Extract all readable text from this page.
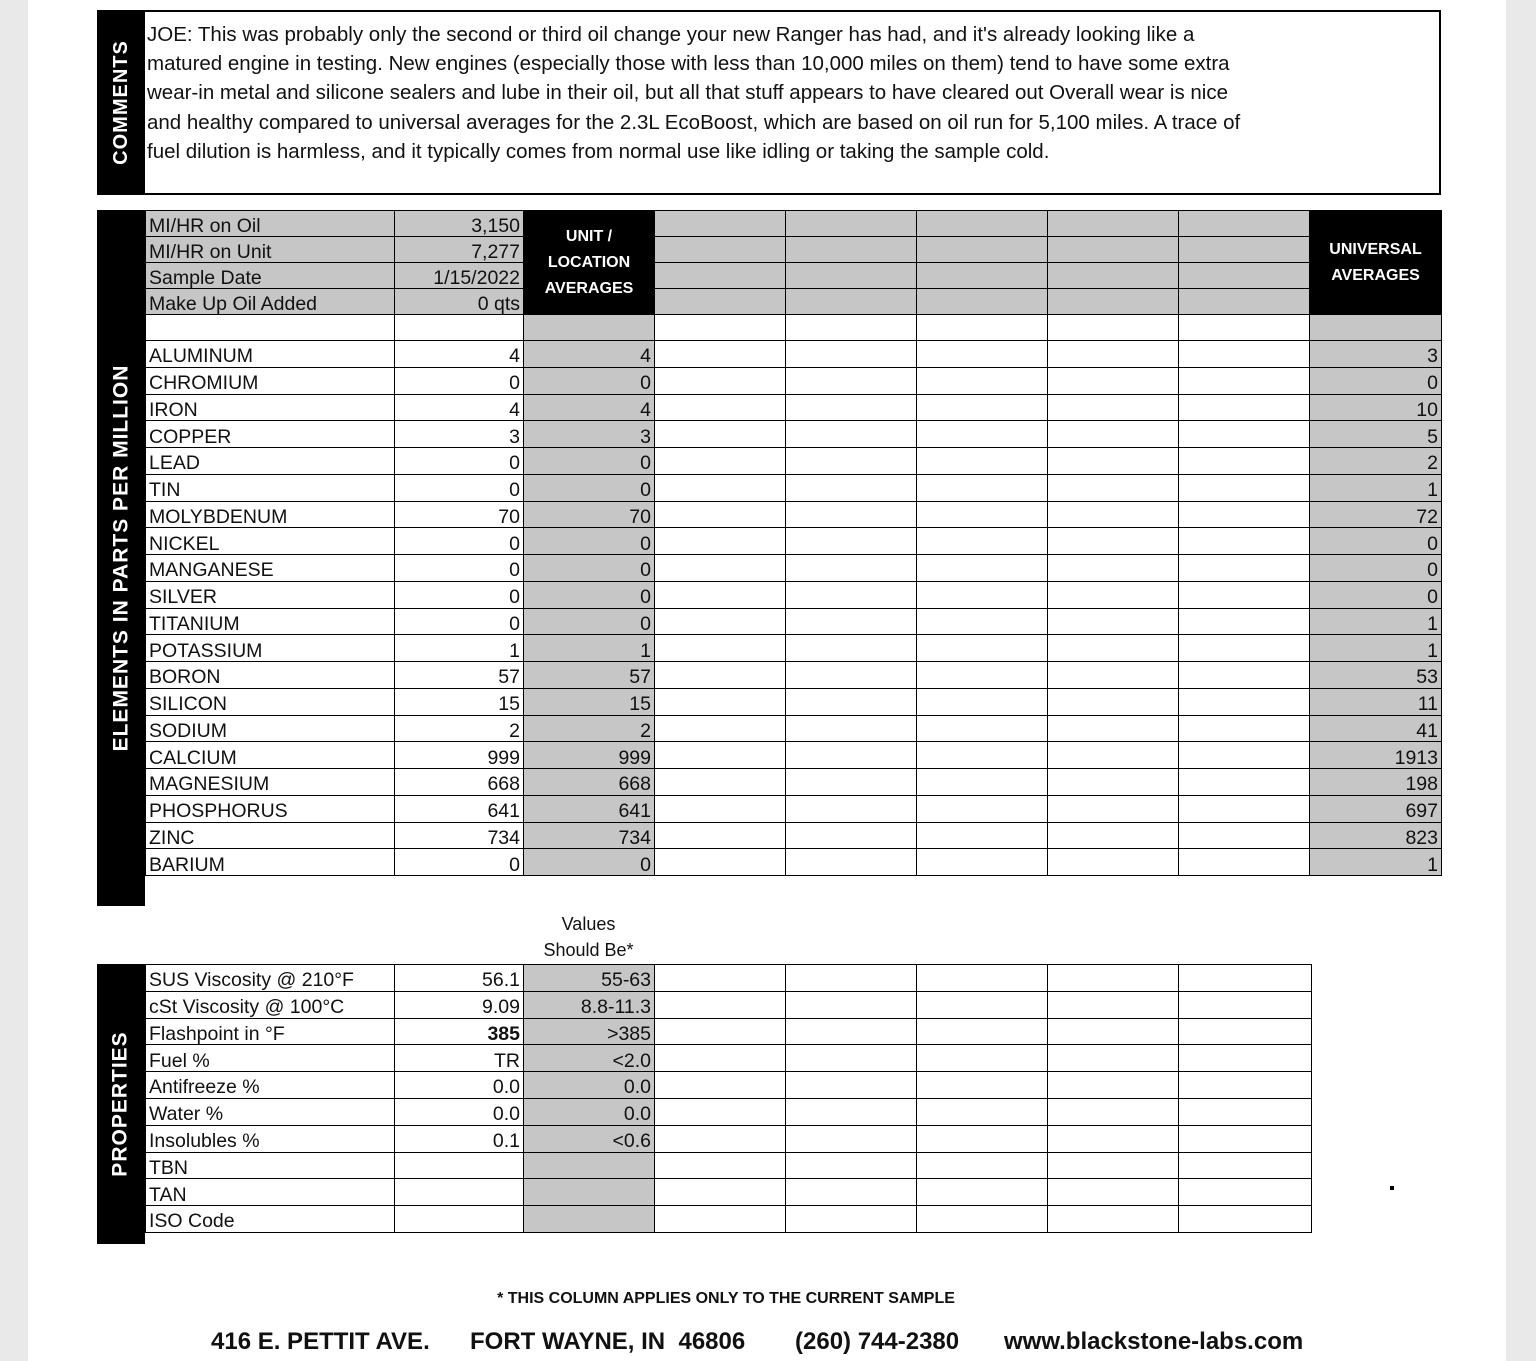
COMMENTS
JOE: This was probably only the second or third oil change your new Ranger has had, and it's already looking like a
matured engine in testing. New engines (especially those with less than 10,000 miles on them) tend to have some extra
wear-in metal and silicone sealers and lube in their oil, but all that stuff appears to have cleared out Overall wear is nice
and healthy compared to universal averages for the 2.3L EcoBoost, which are based on oil run for 5,100 miles. A trace of
fuel dilution is harmless, and it typically comes from normal use like idling or taking the sample cold.
ELEMENTS IN PARTS PER MILLION
MI/HR on Oil	3,150	UNIT / LOCATION AVERAGES						UNIVERSAL AVERAGES
MI/HR on Unit	7,277							
Sample Date	1/15/2022							
Make Up Oil Added	0 qts							

ALUMINUM	4	4						3
CHROMIUM	0	0						0
IRON	4	4						10
COPPER	3	3						5
LEAD	0	0						2
TIN	0	0						1
MOLYBDENUM	70	70						72
NICKEL	0	0						0
MANGANESE	0	0						0
SILVER	0	0						0
TITANIUM	0	0						1
POTASSIUM	1	1						1
BORON	57	57						53
SILICON	15	15						11
SODIUM	2	2						41
CALCIUM	999	999						1913
MAGNESIUM	668	668						198
PHOSPHORUS	641	641						697
ZINC	734	734						823
BARIUM	0	0						1
Values
Should Be*
PROPERTIES
SUS Viscosity @ 210°F	56.1	55-63					
cSt Viscosity @ 100°C	9.09	8.8-11.3					
Flashpoint in °F	385	>385					
Fuel %	TR	<2.0					
Antifreeze %	0.0	0.0					
Water %	0.0	0.0					
Insolubles %	0.1	<0.6					
TBN							
TAN							
ISO Code							
* THIS COLUMN APPLIES ONLY TO THE CURRENT SAMPLE
416 E. PETTIT AVE. FORT WAYNE, IN  46806 (260) 744-2380 www.blackstone-labs.com
